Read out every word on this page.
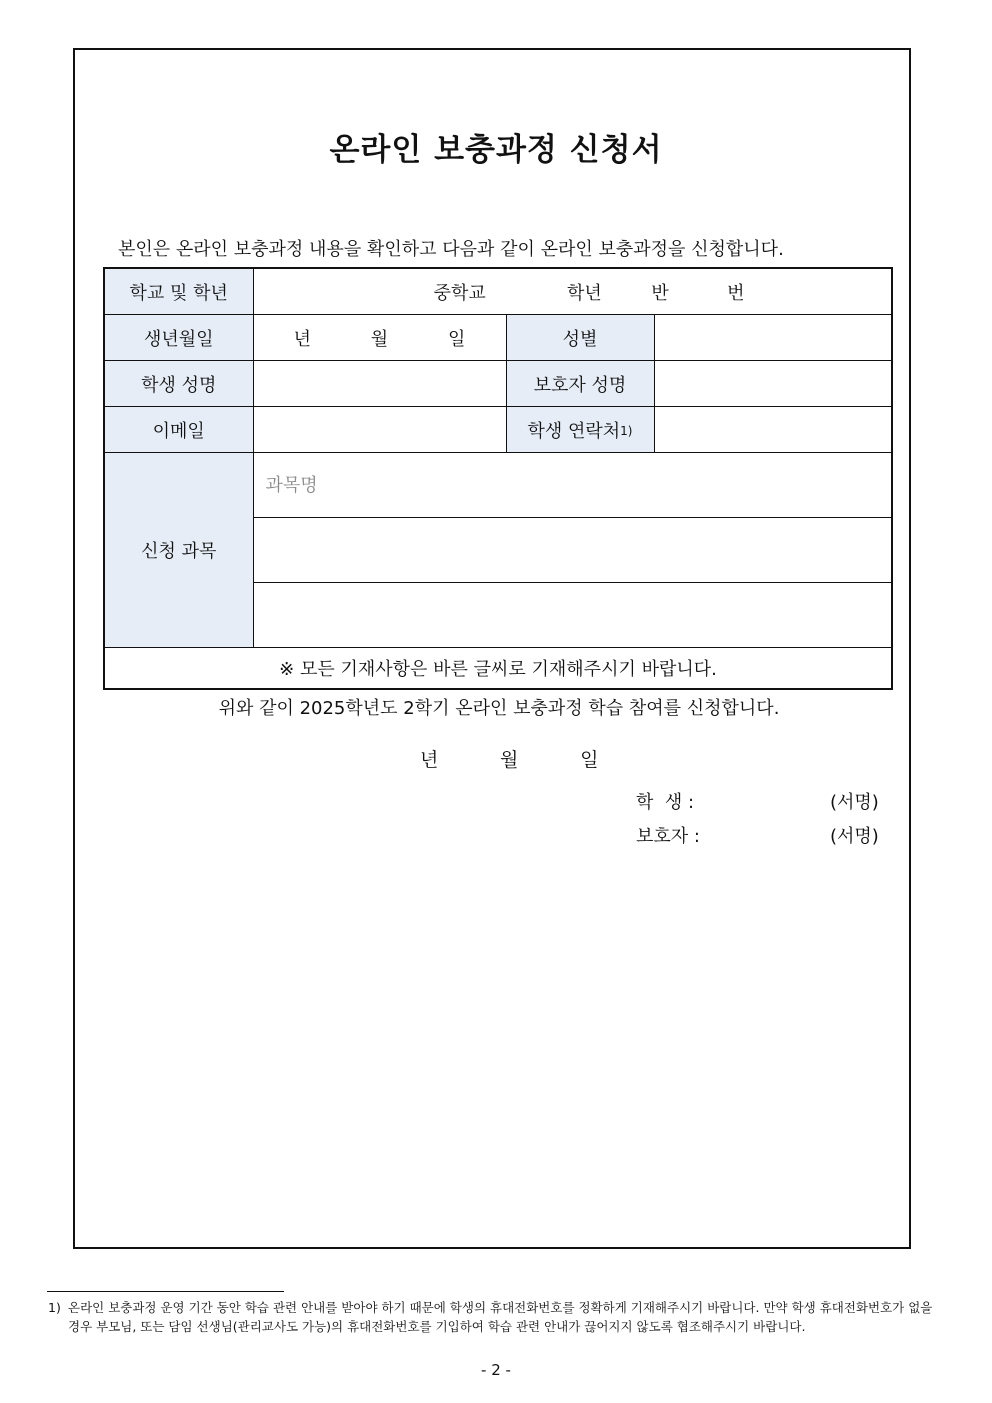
온라인 보충과정 신청서
본인은 온라인 보충과정 내용을 확인하고 다음과 같이 온라인 보충과정을 신청합니다.
학교 및 학년	중학교 학년 반 번		
생년월일	년 월 일	성별	
학생 성명		보호자 성명	
이메일		학생 연락처1)	
신청 과목	과목명		

※ 모든 기재사항은 바른 글씨로 기재해주시기 바랍니다.			
위와 같이 2025학년도 2학기 온라인 보충과정 학습 참여를 신청합니다.
년	월	일
학  생 :	(서명)
보호자 :	(서명)
1) 온라인 보충과정 운영 기간 동안 학습 관련 안내를 받아야 하기 때문에 학생의 휴대전화번호를 정확하게 기재해주시기 바랍니다. 만약 학생 휴대전화번호가 없을 경우 부모님, 또는 담임 선생님(관리교사도 가능)의 휴대전화번호를 기입하여 학습 관련 안내가 끊어지지 않도록 협조해주시기 바랍니다.
- 2 -
